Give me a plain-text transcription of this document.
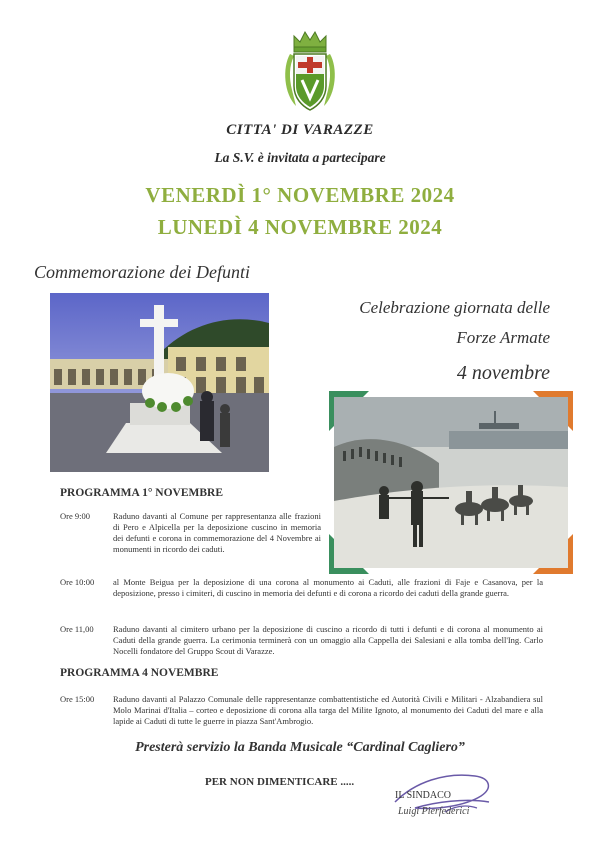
CITTA' DI VARAZZE
La S.V. è invitata a partecipare
VENERDÌ 1° NOVEMBRE 2024
LUNEDÌ 4 NOVEMBRE 2024
Commemorazione dei Defunti
Celebrazione giornata delle
Forze Armate
4 novembre
PROGRAMMA 1° NOVEMBRE
Ore 9:00	Raduno davanti al Comune per rappresentanza alle frazioni di Pero e Alpicella per la deposizione cuscino in memoria dei defunti e corona in commemorazione del 4 Novembre ai monumenti in ricordo dei caduti.
Ore 10:00 al Monte Beigua per la deposizione di una corona al monumento ai Caduti, alle frazioni di Faje e Casanova, per la deposizione, presso i cimiteri, di cuscino in memoria dei defunti e di corona a ricordo dei caduti della grande guerra.
Ore 11,00 Raduno davanti al cimitero urbano per la deposizione di cuscino a ricordo di tutti i defunti e di corona al monumento ai Caduti della grande guerra. La cerimonia terminerà con un omaggio alla Cappella dei Salesiani e alla tomba dell'Ing. Carlo Nocelli fondatore del Gruppo Scout di Varazze.
PROGRAMMA 4 NOVEMBRE
Ore 15:00 Raduno davanti al Palazzo Comunale delle rappresentanze combattentistiche ed Autorità Civili e Militari - Alzabandiera sul Molo Marinai d'Italia – corteo e deposizione di corona alla targa del Milite Ignoto, al monumento dei Caduti del mare e alla lapide ai Caduti di tutte le guerre in piazza Sant'Ambrogio.
Presterà servizio la Banda Musicale “Cardinal Cagliero”
PER NON DIMENTICARE .....
IL SINDACO
Luigi Pierfederici
